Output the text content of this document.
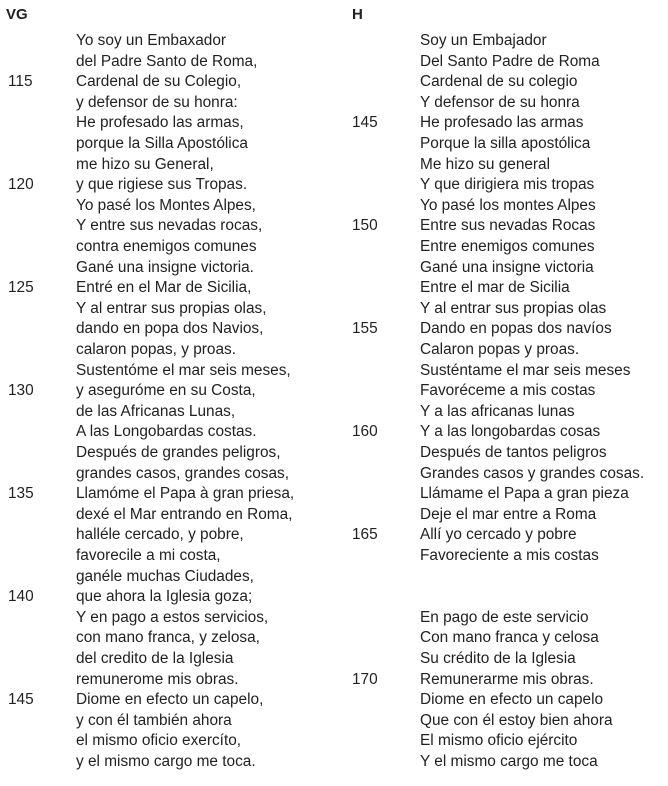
VG	H
Yo soy un Embaxador
del Padre Santo de Roma,
Cardenal de su Colegio,
y defensor de su honra:
He profesado las armas,
porque la Silla Apostólica
me hizo su General,
y que rigiese sus Tropas.
Yo pasé los Montes Alpes,
Y entre sus nevadas rocas,
contra enemigos comunes
Gané una insigne victoria.
Entré en el Mar de Sicilia,
Y al entrar sus propias olas,
dando en popa dos Navios,
calaron popas, y proas.
Sustentóme el mar seis meses,
y aseguróme en su Costa,
de las Africanas Lunas,
A las Longobardas costas.
Después de grandes peligros,
grandes casos, grandes cosas,
Llamóme el Papa à gran priesa,
dexé el Mar entrando en Roma,
halléle cercado, y pobre,
favorecile a mi costa,
ganéle muchas Ciudades,
que ahora la Iglesia goza;
Y en pago a estos servicios,
con mano franca, y zelosa,
del credito de la Iglesia
remunerome mis obras.
Diome en efecto un capelo,
y con él también ahora
el mismo oficio exercíto,
y el mismo cargo me toca.
115
120
125
130
135
140
145
Soy un Embajador
Del Santo Padre de Roma
Cardenal de su colegio
Y defensor de su honra
He profesado las armas
Porque la silla apostólica
Me hizo su general
Y que dirigiera mis tropas
Yo pasé los montes Alpes
Entre sus nevadas Rocas
Entre enemigos comunes
Gané una insigne victoria
Entre el mar de Sicilia
Y al entrar sus propias olas
Dando en popas dos navíos
Calaron popas y proas.
Susténtame el mar seis meses
Favoréceme a mis costas
Y a las africanas lunas
Y a las longobardas cosas
Después de tantos peligros
Grandes casos y grandes cosas.
Llámame el Papa a gran pieza
Deje el mar entre a Roma
Allí yo cercado y pobre
Favoreciente a mis costas
En pago de este servicio
Con mano franca y celosa
Su crédito de la Iglesia
Remunerarme mis obras.
Diome en efecto un capelo
Que con él estoy bien ahora
El mismo oficio ejército
Y el mismo cargo me toca
145
150
155
160
165
170
